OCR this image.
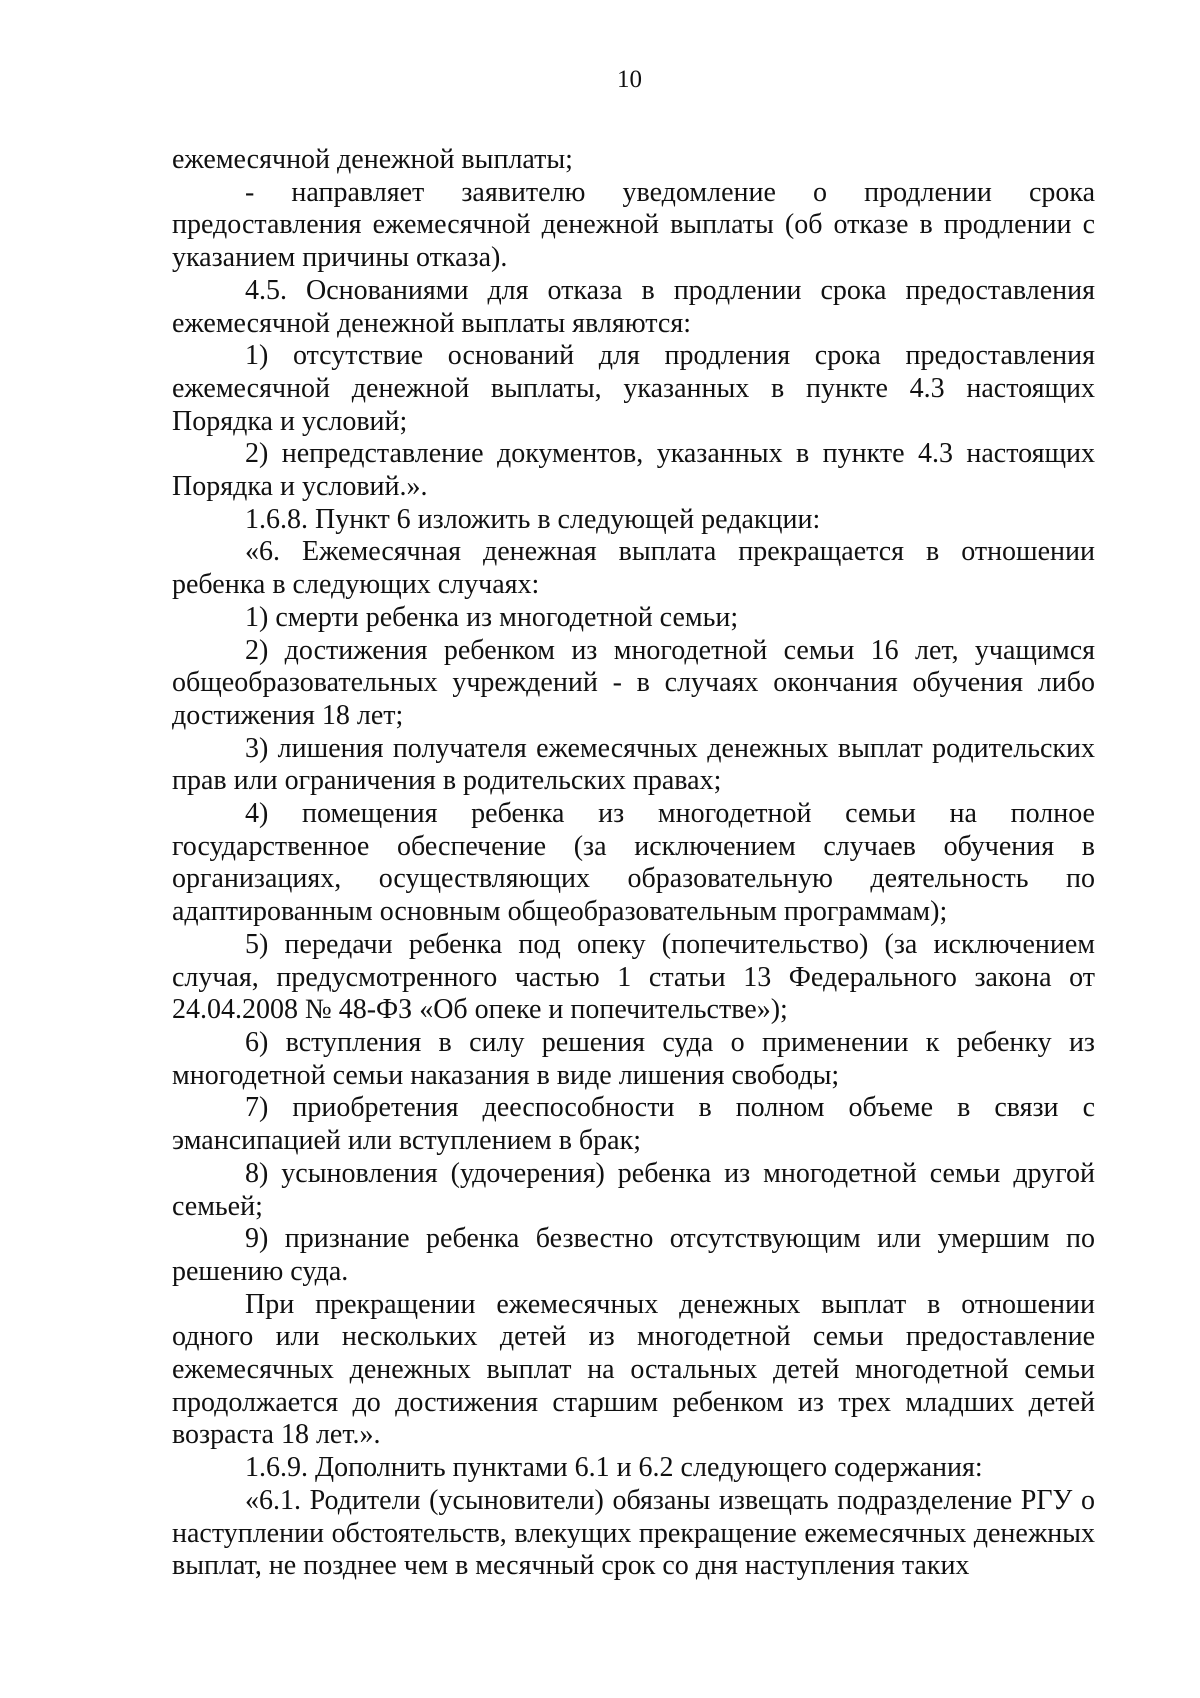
10

ежемесячной денежной выплаты;

- направляет заявителю уведомление о продлении срока предоставления ежемесячной денежной выплаты (об отказе в продлении с указанием причины отказа).

4.5. Основаниями для отказа в продлении срока предоставления ежемесячной денежной выплаты являются:

1) отсутствие оснований для продления срока предоставления ежемесячной денежной выплаты, указанных в пункте 4.3 настоящих Порядка и условий;

2) непредставление документов, указанных в пункте 4.3 настоящих Порядка и условий.».

1.6.8. Пункт 6 изложить в следующей редакции:

«6. Ежемесячная денежная выплата прекращается в отношении ребенка в следующих случаях:

1) смерти ребенка из многодетной семьи;

2) достижения ребенком из многодетной семьи 16 лет, учащимся общеобразовательных учреждений - в случаях окончания обучения либо достижения 18 лет;

3) лишения получателя ежемесячных денежных выплат родительских прав или ограничения в родительских правах;

4) помещения ребенка из многодетной семьи на полное государственное обеспечение (за исключением случаев обучения в организациях, осуществляющих образовательную деятельность по адаптированным основным общеобразовательным программам);

5) передачи ребенка под опеку (попечительство) (за исключением случая, предусмотренного частью 1 статьи 13 Федерального закона от 24.04.2008 № 48-ФЗ «Об опеке и попечительстве»);

6) вступления в силу решения суда о применении к ребенку из многодетной семьи наказания в виде лишения свободы;

7) приобретения дееспособности в полном объеме в связи с эмансипацией или вступлением в брак;

8) усыновления (удочерения) ребенка из многодетной семьи другой семьей;

9) признание ребенка безвестно отсутствующим или умершим по решению суда.

При прекращении ежемесячных денежных выплат в отношении одного или нескольких детей из многодетной семьи предоставление ежемесячных денежных выплат на остальных детей многодетной семьи продолжается до достижения старшим ребенком из трех младших детей возраста 18 лет.».

1.6.9. Дополнить пунктами 6.1 и 6.2 следующего содержания:

«6.1. Родители (усыновители) обязаны извещать подразделение РГУ о наступлении обстоятельств, влекущих прекращение ежемесячных денежных выплат, не позднее чем в месячный срок со дня наступления таких
